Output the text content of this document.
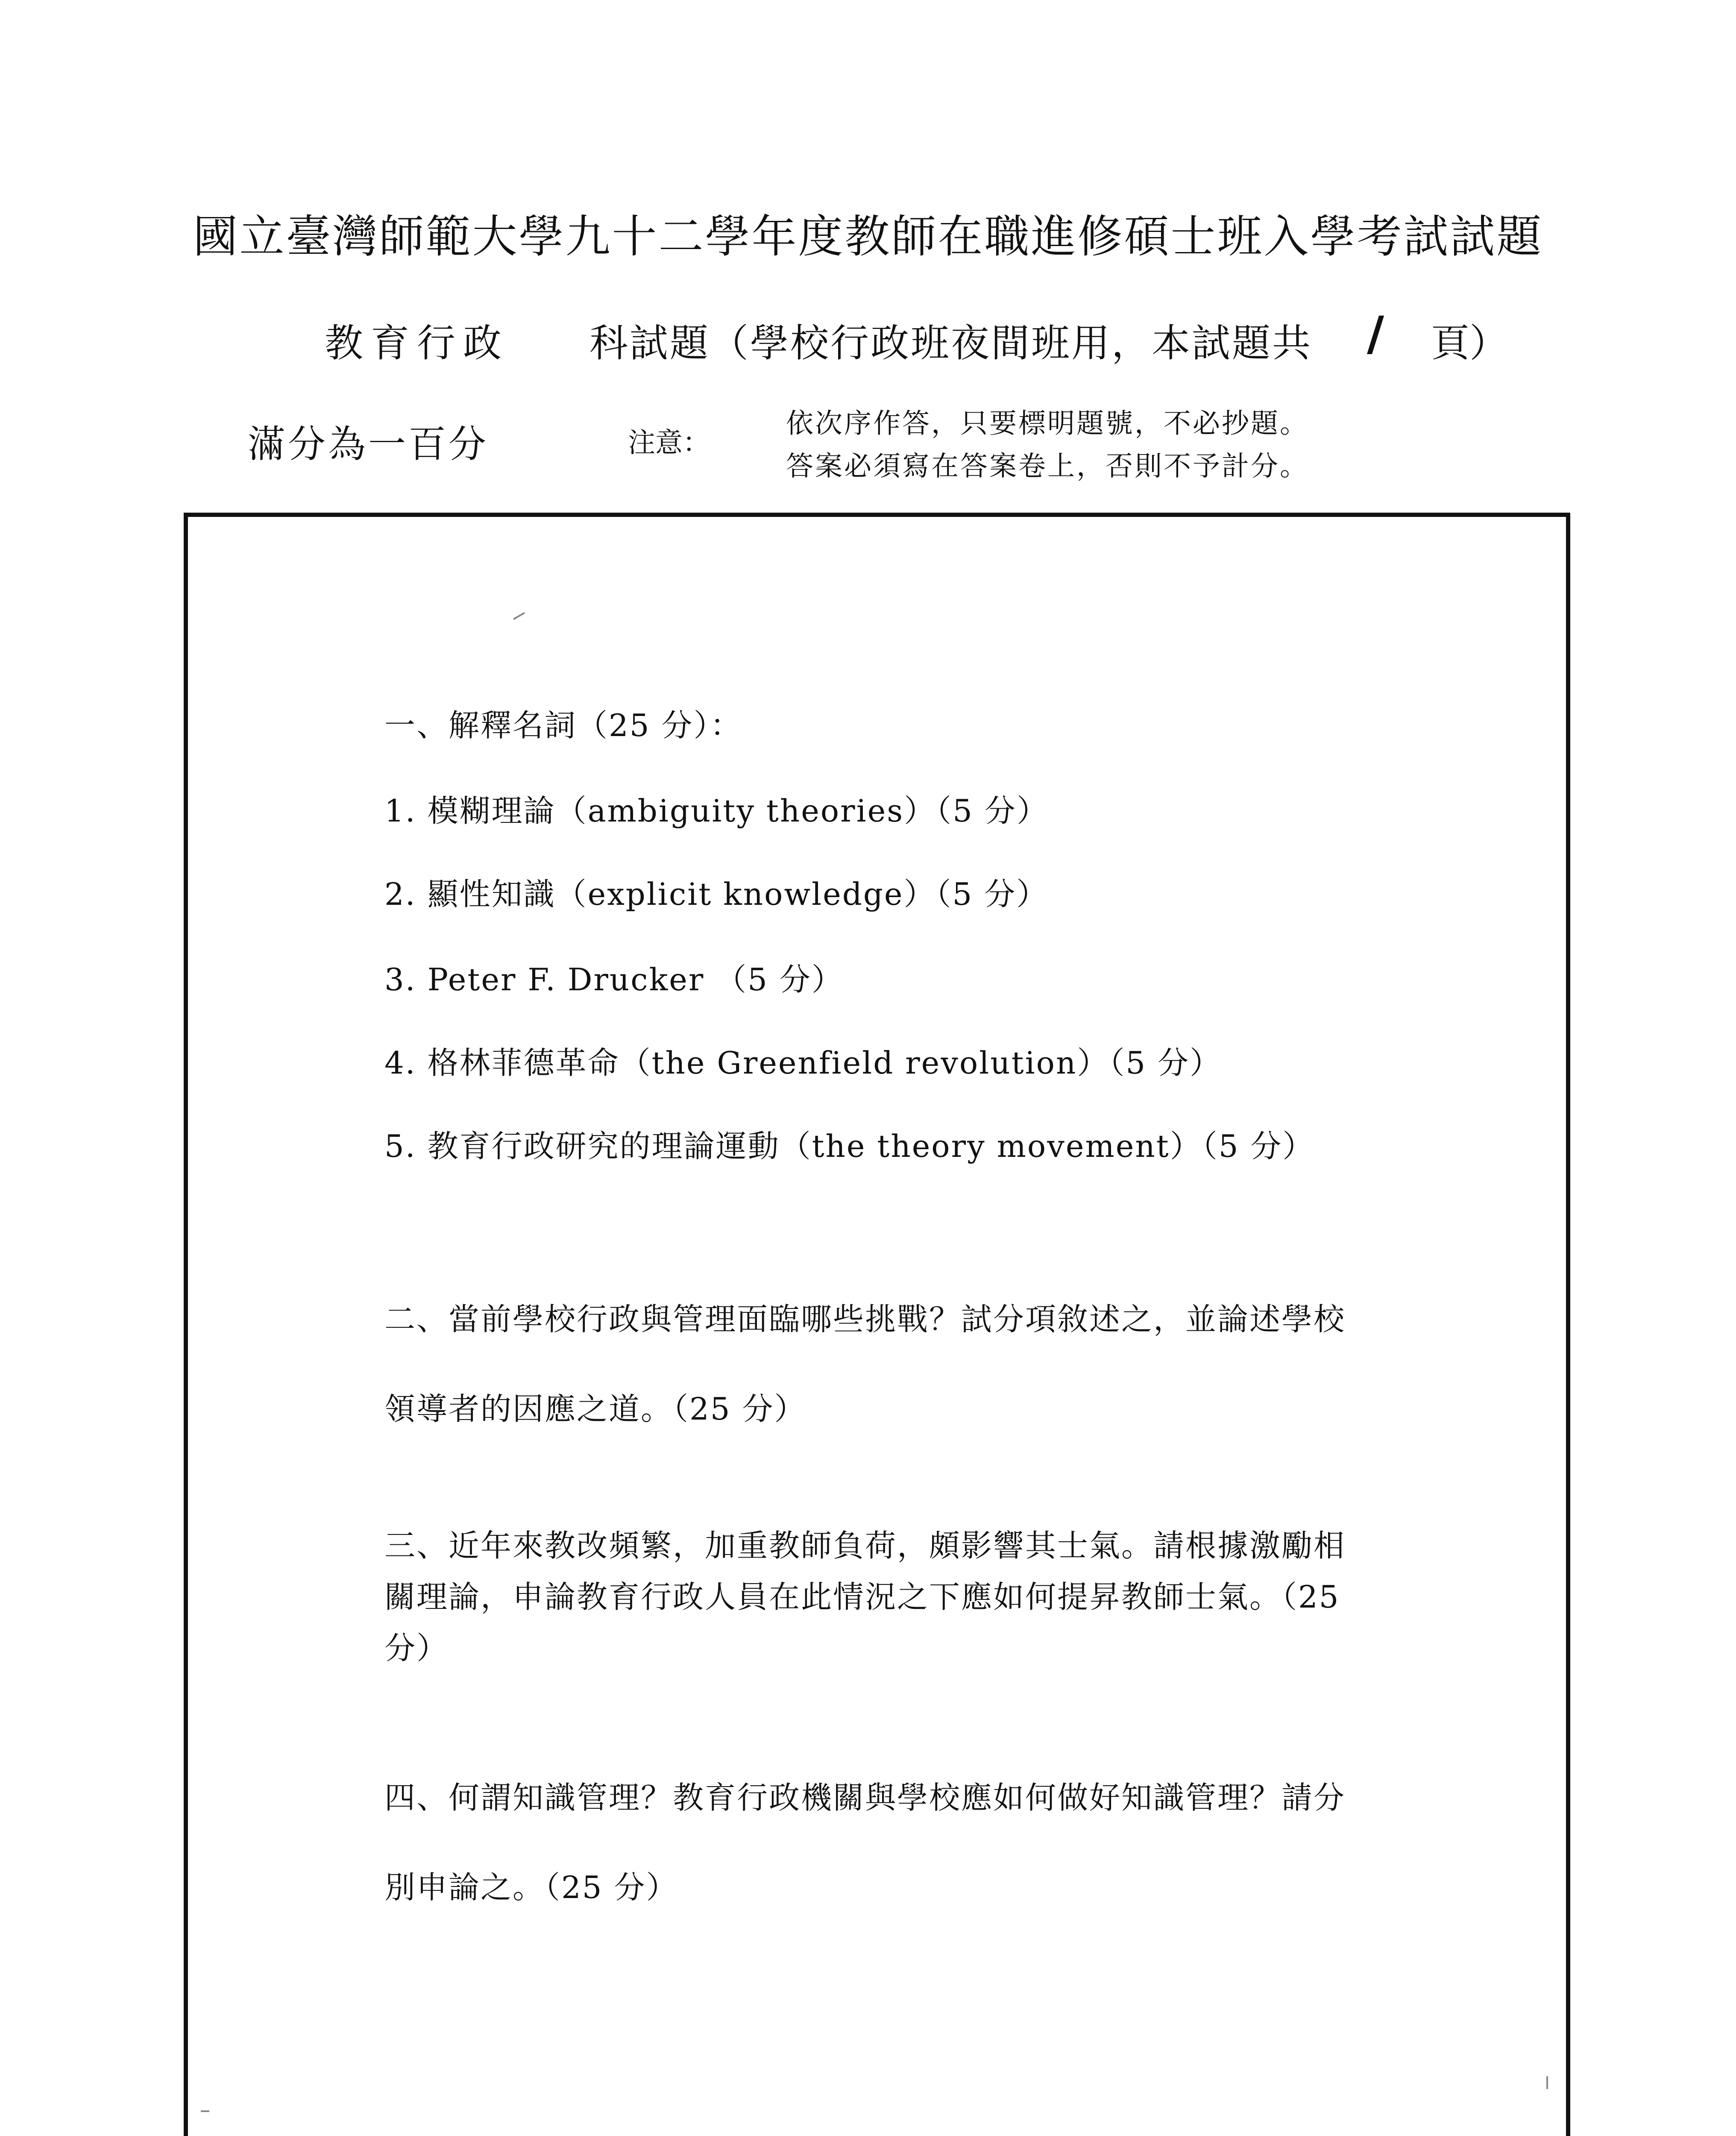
國立臺灣師範大學九十二學年度教師在職進修碩士班入學考試試題
教育行政 科試題（學校行政班夜間班用，本試題共 / 頁）
滿分為一百分	注意：
依次序作答，只要標明題號，不必抄題。
答案必須寫在答案卷上，否則不予計分。
一、解釋名詞（25 分）：
1. 模糊理論（ambiguity theories）（5 分）
2. 顯性知識（explicit knowledge）（5 分）
3. Peter F. Drucker （5 分）
4. 格林菲德革命（the Greenfield revolution）（5 分）
5. 教育行政研究的理論運動（the theory movement）（5 分）
二、當前學校行政與管理面臨哪些挑戰？試分項敘述之，並論述學校
領導者的因應之道。（25 分）
三、近年來教改頻繁，加重教師負荷，頗影響其士氣。請根據激勵相
關理論，申論教育行政人員在此情況之下應如何提昇教師士氣。（25
分）
四、何謂知識管理？教育行政機關與學校應如何做好知識管理？請分
別申論之。（25 分）
